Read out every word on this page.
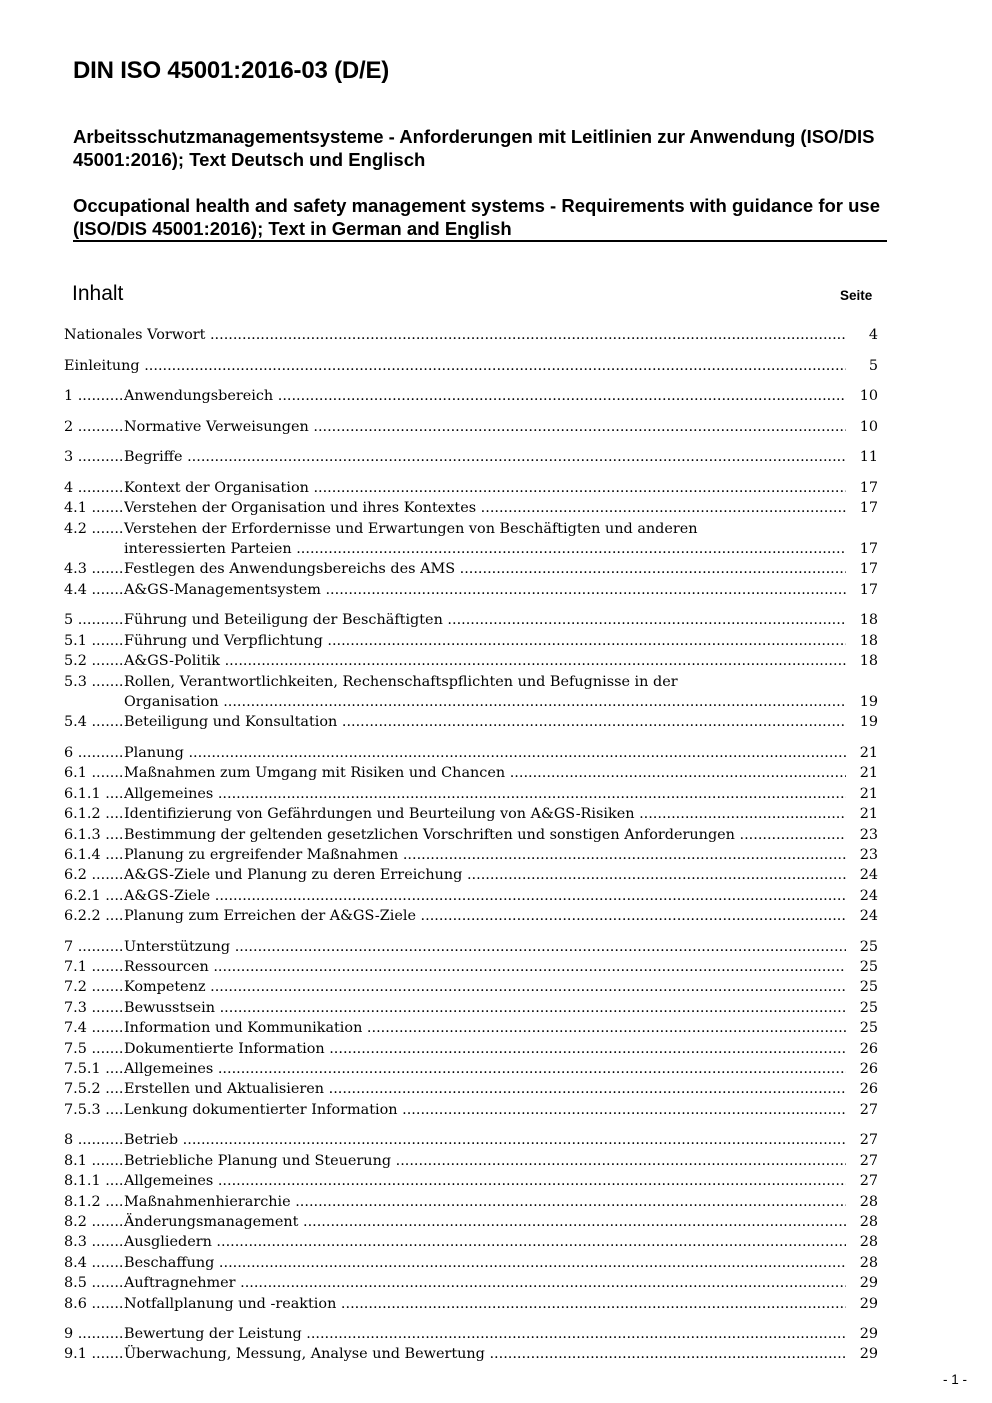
DIN ISO 45001:2016-03 (D/E)
Arbeitsschutzmanagementsysteme - Anforderungen mit Leitlinien zur Anwendung (ISO/DIS 45001:2016); Text Deutsch und Englisch
Occupational health and safety management systems - Requirements with guidance for use (ISO/DIS 45001:2016); Text in German and English
Inhalt	Seite
Nationales Vorwort .....	4
Einleitung .....	5
1 .....	Anwendungsbereich .....	10
2 .....	Normative Verweisungen .....	10
3 .....	Begriffe .....	11
4 .....	Kontext der Organisation .....	17
4.1 .....	Verstehen der Organisation und ihres Kontextes .....	17
4.2 .....	Verstehen der Erfordernisse und Erwartungen von Beschäftigten und anderen
interessierten Parteien .....	17
4.3 .....	Festlegen des Anwendungsbereichs des AMS .....	17
4.4 .....	A&GS-Managementsystem .....	17
5 .....	Führung und Beteiligung der Beschäftigten .....	18
5.1 .....	Führung und Verpflichtung .....	18
5.2 .....	A&GS-Politik .....	18
5.3 .....	Rollen, Verantwortlichkeiten, Rechenschaftspflichten und Befugnisse in der
Organisation .....	19
5.4 .....	Beteiligung und Konsultation .....	19
6 .....	Planung .....	21
6.1 .....	Maßnahmen zum Umgang mit Risiken und Chancen .....	21
6.1.1 .....	Allgemeines .....	21
6.1.2 .....	Identifizierung von Gefährdungen und Beurteilung von A&GS-Risiken .....	21
6.1.3 .....	Bestimmung der geltenden gesetzlichen Vorschriften und sonstigen Anforderungen .....	23
6.1.4 .....	Planung zu ergreifender Maßnahmen .....	23
6.2 .....	A&GS-Ziele und Planung zu deren Erreichung .....	24
6.2.1 .....	A&GS-Ziele .....	24
6.2.2 .....	Planung zum Erreichen der A&GS-Ziele .....	24
7 .....	Unterstützung .....	25
7.1 .....	Ressourcen .....	25
7.2 .....	Kompetenz .....	25
7.3 .....	Bewusstsein .....	25
7.4 .....	Information und Kommunikation .....	25
7.5 .....	Dokumentierte Information .....	26
7.5.1 .....	Allgemeines .....	26
7.5.2 .....	Erstellen und Aktualisieren .....	26
7.5.3 .....	Lenkung dokumentierter Information .....	27
8 .....	Betrieb .....	27
8.1 .....	Betriebliche Planung und Steuerung .....	27
8.1.1 .....	Allgemeines .....	27
8.1.2 .....	Maßnahmenhierarchie .....	28
8.2 .....	Änderungsmanagement .....	28
8.3 .....	Ausgliedern .....	28
8.4 .....	Beschaffung .....	28
8.5 .....	Auftragnehmer .....	29
8.6 .....	Notfallplanung und -reaktion .....	29
9 .....	Bewertung der Leistung .....	29
9.1 .....	Überwachung, Messung, Analyse und Bewertung .....	29
- 1 -
